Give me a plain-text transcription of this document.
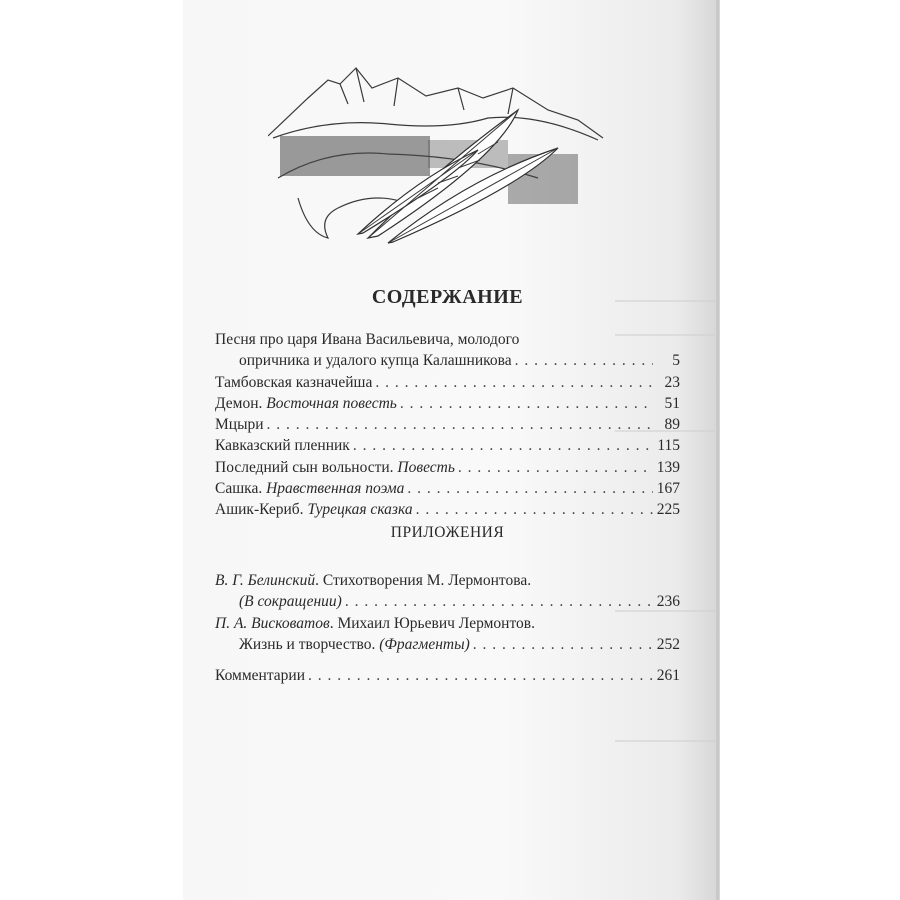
СОДЕРЖАНИЕ
Песня про царя Ивана Васильевича, молодого
опричника и удалого купца Калашникова . . .	5
Тамбовская казначейша . . .	23
Демон. Восточная повесть . . .	51
Мцыри . . .	89
Кавказский пленник . . .	115
Последний сын вольности. Повесть . . .	139
Сашка. Нравственная поэма . . .	167
Ашик-Кериб. Турецкая сказка . . .	225
ПРИЛОЖЕНИЯ
В. Г. Белинский. Стихотворения М. Лермонтова.
(В сокращении) . . .	236
П. А. Висковатов. Михаил Юрьевич Лермонтов.
Жизнь и творчество. (Фрагменты) . . .	252
Комментарии . . .	261
